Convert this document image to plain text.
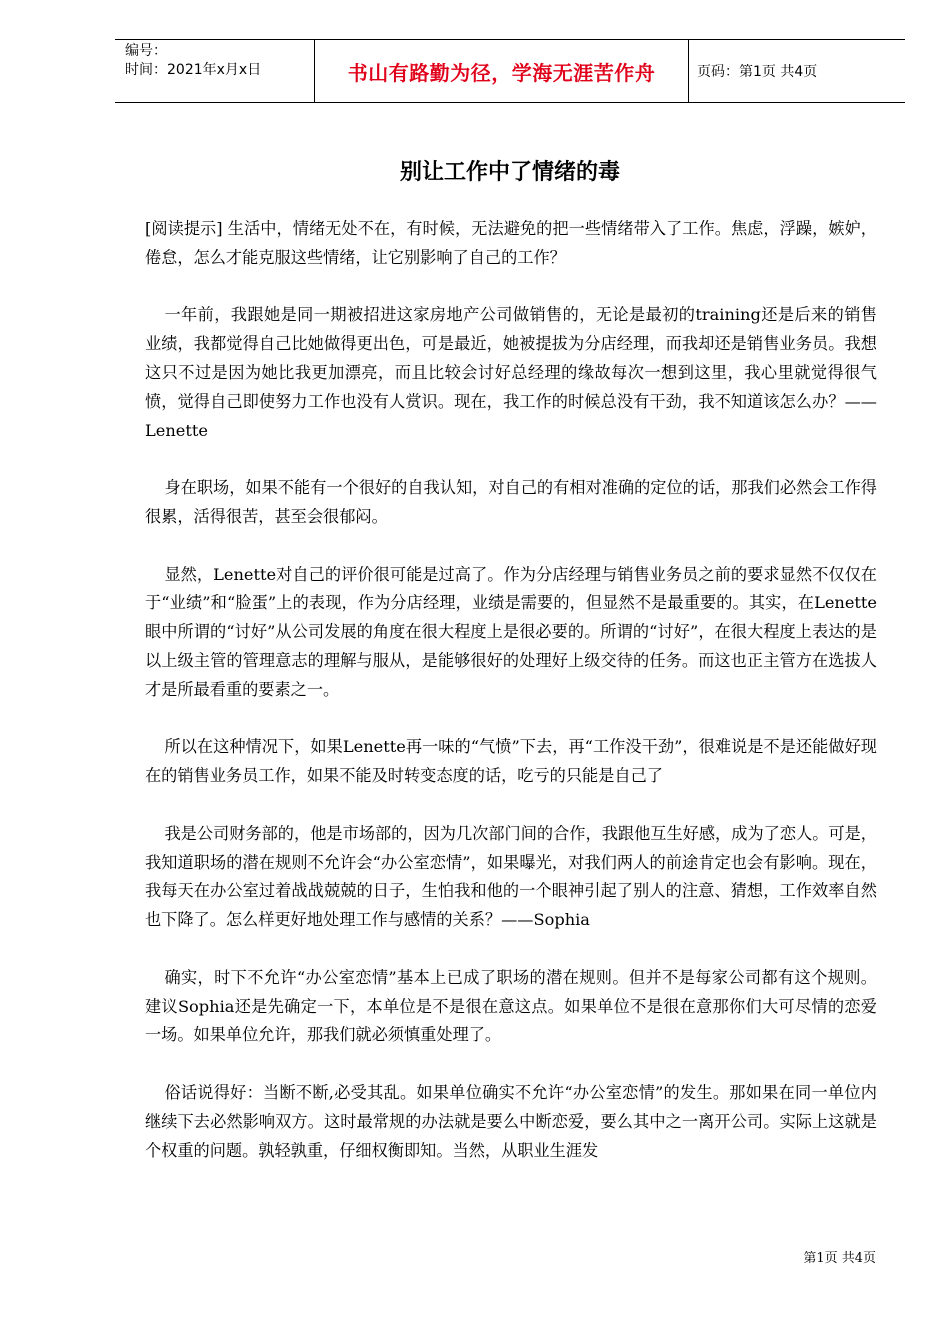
编号：
时间：2021年x月x日	书山有路勤为径，学海无涯苦作舟	页码：第1页 共4页
别让工作中了情绪的毒

[阅读提示] 生活中，情绪无处不在，有时候，无法避免的把一些情绪带入了工作。焦虑，浮躁，嫉妒，倦怠，怎么才能克服这些情绪，让它别影响了自己的工作？

一年前，我跟她是同一期被招进这家房地产公司做销售的，无论是最初的training还是后来的销售业绩，我都觉得自己比她做得更出色，可是最近，她被提拔为分店经理，而我却还是销售业务员。我想这只不过是因为她比我更加漂亮，而且比较会讨好总经理的缘故每次一想到这里，我心里就觉得很气愤，觉得自己即使努力工作也没有人赏识。现在，我工作的时候总没有干劲，我不知道该怎么办？——Lenette

身在职场，如果不能有一个很好的自我认知，对自己的有相对准确的定位的话，那我们必然会工作得很累，活得很苦，甚至会很郁闷。

显然，Lenette对自己的评价很可能是过高了。作为分店经理与销售业务员之前的要求显然不仅仅在于“业绩”和“脸蛋”上的表现，作为分店经理，业绩是需要的，但显然不是最重要的。其实，在Lenette眼中所谓的“讨好”从公司发展的角度在很大程度上是很必要的。所谓的“讨好”，在很大程度上表达的是以上级主管的管理意志的理解与服从，是能够很好的处理好上级交待的任务。而这也正主管方在选拔人才是所最看重的要素之一。

所以在这种情况下，如果Lenette再一味的“气愤”下去，再“工作没干劲”，很难说是不是还能做好现在的销售业务员工作，如果不能及时转变态度的话，吃亏的只能是自己了

我是公司财务部的，他是市场部的，因为几次部门间的合作，我跟他互生好感，成为了恋人。可是，我知道职场的潜在规则不允许会“办公室恋情”，如果曝光，对我们两人的前途肯定也会有影响。现在，我每天在办公室过着战战兢兢的日子，生怕我和他的一个眼神引起了别人的注意、猜想，工作效率自然也下降了。怎么样更好地处理工作与感情的关系？——Sophia

确实，时下不允许“办公室恋情”基本上已成了职场的潜在规则。但并不是每家公司都有这个规则。建议Sophia还是先确定一下，本单位是不是很在意这点。如果单位不是很在意那你们大可尽情的恋爱一场。如果单位允许，那我们就必须慎重处理了。

俗话说得好：当断不断,必受其乱。如果单位确实不允许“办公室恋情”的发生。那如果在同一单位内继续下去必然影响双方。这时最常规的办法就是要么中断恋爱，要么其中之一离开公司。实际上这就是个权重的问题。孰轻孰重，仔细权衡即知。当然，从职业生涯发

第1页 共4页
